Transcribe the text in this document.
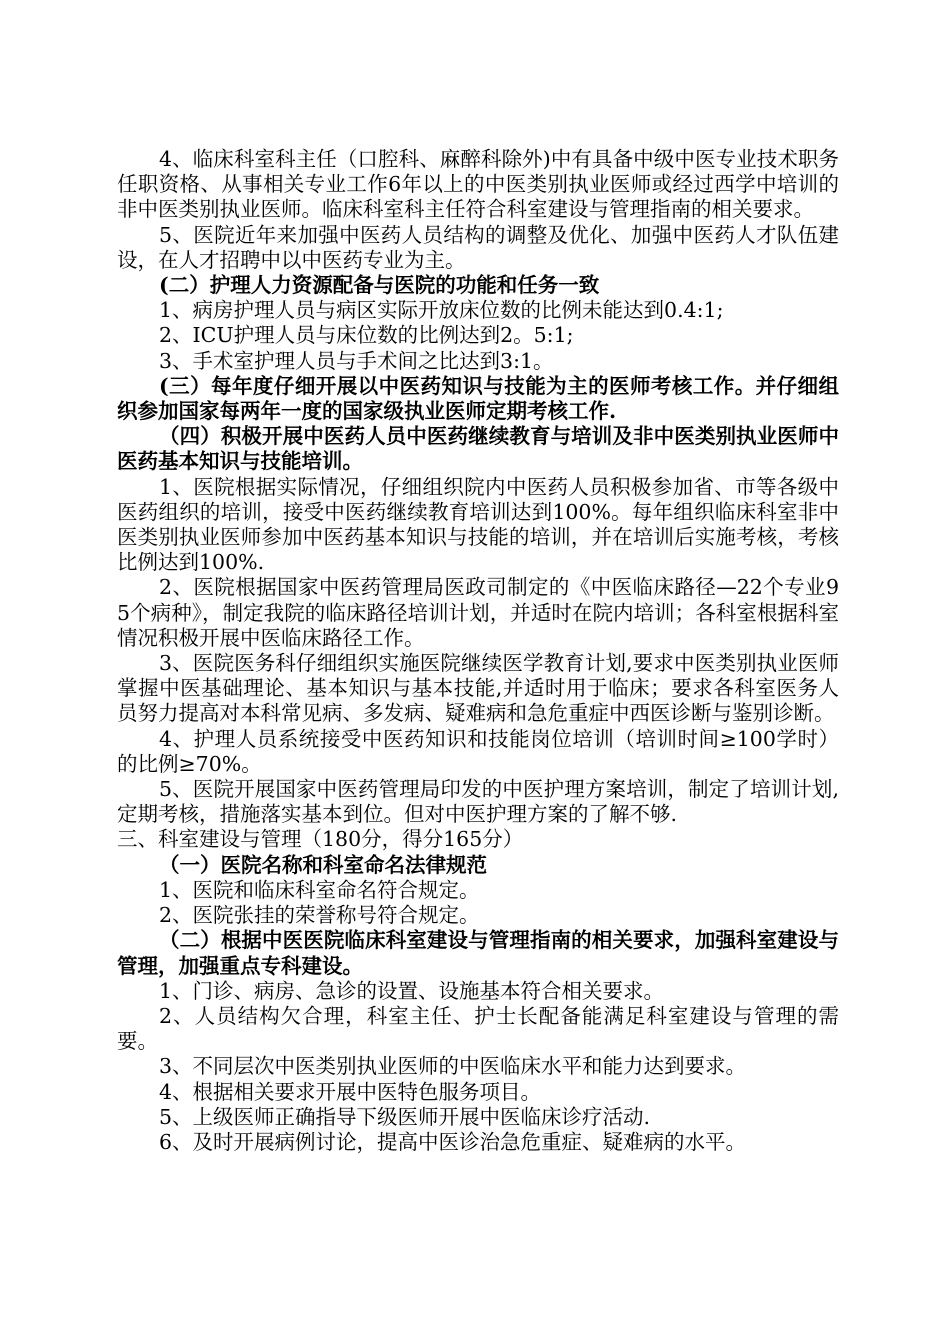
4、临床科室科主任（口腔科、麻醉科除外)中有具备中级中医专业技术职务任职资格、从事相关专业工作6年以上的中医类别执业医师或经过西学中培训的非中医类别执业医师。临床科室科主任符合科室建设与管理指南的相关要求。

5、医院近年来加强中医药人员结构的调整及优化、加强中医药人才队伍建设，在人才招聘中以中医药专业为主。

(二）护理人力资源配备与医院的功能和任务一致

1、病房护理人员与病区实际开放床位数的比例未能达到0.4:1;

2、ICU护理人员与床位数的比例达到2。5:1;

3、手术室护理人员与手术间之比达到3:1。

(三）每年度仔细开展以中医药知识与技能为主的医师考核工作。并仔细组织参加国家每两年一度的国家级执业医师定期考核工作.

（四）积极开展中医药人员中医药继续教育与培训及非中医类别执业医师中医药基本知识与技能培训。

1、医院根据实际情况，仔细组织院内中医药人员积极参加省、市等各级中医药组织的培训，接受中医药继续教育培训达到100%。每年组织临床科室非中医类别执业医师参加中医药基本知识与技能的培训，并在培训后实施考核，考核比例达到100%.

2、医院根据国家中医药管理局医政司制定的《中医临床路径—22个专业95个病种》，制定我院的临床路径培训计划，并适时在院内培训；各科室根据科室情况积极开展中医临床路径工作。

3、医院医务科仔细组织实施医院继续医学教育计划,要求中医类别执业医师掌握中医基础理论、基本知识与基本技能,并适时用于临床；要求各科室医务人员努力提高对本科常见病、多发病、疑难病和急危重症中西医诊断与鉴别诊断。

4、护理人员系统接受中医药知识和技能岗位培训（培训时间≥100学时）的比例≥70%。

5、医院开展国家中医药管理局印发的中医护理方案培训，制定了培训计划,定期考核，措施落实基本到位。但对中医护理方案的了解不够.

三、科室建设与管理（180分，得分165分）

（一）医院名称和科室命名法律规范

1、医院和临床科室命名符合规定。

2、医院张挂的荣誉称号符合规定。

（二）根据中医医院临床科室建设与管理指南的相关要求，加强科室建设与管理，加强重点专科建设。

1、门诊、病房、急诊的设置、设施基本符合相关要求。

2、人员结构欠合理，科室主任、护士长配备能满足科室建设与管理的需要。

3、不同层次中医类别执业医师的中医临床水平和能力达到要求。

4、根据相关要求开展中医特色服务项目。

5、上级医师正确指导下级医师开展中医临床诊疗活动.

6、及时开展病例讨论，提高中医诊治急危重症、疑难病的水平。
